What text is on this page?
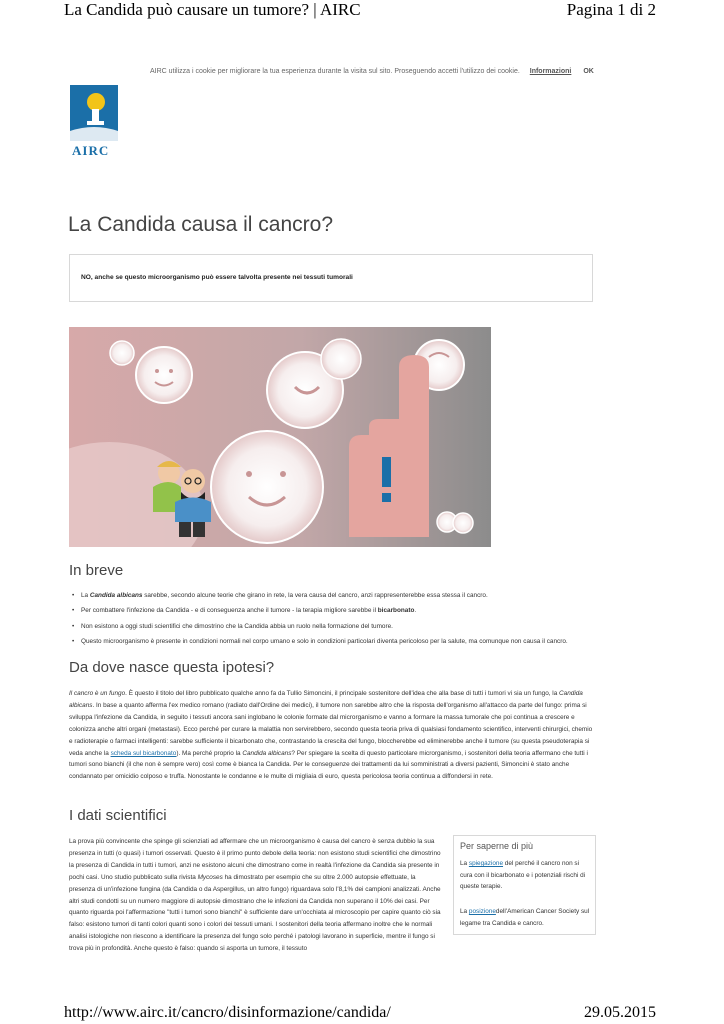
La Candida può causare un tumore? | AIRC	Pagina 1 di 2
AIRC utilizza i cookie per migliorare la tua esperienza durante la visita sul sito. Proseguendo accetti l'utilizzo dei cookie. Informazioni OK
AIRC
La Candida causa il cancro?
NO, anche se questo microorganismo può essere talvolta presente nei tessuti tumorali
In breve
• La Candida albicans sarebbe, secondo alcune teorie che girano in rete, la vera causa del cancro, anzi rappresenterebbe essa stessa il cancro.
• Per combattere l'infezione da Candida - e di conseguenza anche il tumore - la terapia migliore sarebbe il bicarbonato.
• Non esistono a oggi studi scientifici che dimostrino che la Candida abbia un ruolo nella formazione del tumore.
• Questo microorganismo è presente in condizioni normali nel corpo umano e solo in condizioni particolari diventa pericoloso per la salute, ma comunque non causa il cancro.
Da dove nasce questa ipotesi?

Il cancro è un fungo. È questo il titolo del libro pubblicato qualche anno fa da Tullio Simoncini, il principale sostenitore dell'idea che alla base di tutti i tumori vi sia un fungo, la Candida albicans. In base a quanto afferma l'ex medico romano (radiato dall'Ordine dei medici), il tumore non sarebbe altro che la risposta dell'organismo all'attacco da parte del fungo: prima si sviluppa l'infezione da Candida, in seguito i tessuti ancora sani inglobano le colonie formate dal microrganismo e vanno a formare la massa tumorale che poi continua a crescere e colonizza anche altri organi (metastasi). Ecco perché per curare la malattia non servirebbero, secondo questa teoria priva di qualsiasi fondamento scientifico, interventi chirurgici, chemio e radioterapie o farmaci intelligenti: sarebbe sufficiente il bicarbonato che, contrastando la crescita del fungo, bloccherebbe ed eliminerebbe anche il tumore (su questa pseudoterapia si veda anche la scheda sul bicarbonato). Ma perché proprio la Candida albicans? Per spiegare la scelta di questo particolare microrganismo, i sostenitori della teoria affermano che tutti i tumori sono bianchi (il che non è sempre vero) così come è bianca la Candida. Per le conseguenze dei trattamenti da lui somministrati a diversi pazienti, Simoncini è stato anche condannato per omicidio colposo e truffa. Nonostante le condanne e le multe di migliaia di euro, questa pericolosa teoria continua a diffondersi in rete.

I dati scientifici

La prova più convincente che spinge gli scienziati ad affermare che un microorganismo è causa del cancro è senza dubbio la sua presenza in tutti (o quasi) i tumori osservati. Questo è il primo punto debole della teoria: non esistono studi scientifici che dimostrino la presenza di Candida in tutti i tumori, anzi ne esistono alcuni che dimostrano come in realtà l'infezione da Candida sia presente in pochi casi. Uno studio pubblicato sulla rivista Mycoses ha dimostrato per esempio che su oltre 2.000 autopsie effettuate, la presenza di un'infezione fungina (da Candida o da Aspergillus, un altro fungo) riguardava solo l'8,1% dei campioni analizzati. Anche altri studi condotti su un numero maggiore di autopsie dimostrano che le infezioni da Candida non superano il 10% dei casi. Per quanto riguarda poi l'affermazione "tutti i tumori sono bianchi" è sufficiente dare un'occhiata al microscopio per capire quanto ciò sia falso: esistono tumori di tanti colori quanti sono i colori dei tessuti umani. I sostenitori della teoria affermano inoltre che le normali analisi istologiche non riescono a identificare la presenza del fungo solo perché i patologi lavorano in superficie, mentre il fungo si trova più in profondità. Anche questo è falso: quando si asporta un tumore, il tessuto

Per saperne di più

La spiegazione del perché il cancro non si cura con il bicarbonato e i potenziali rischi di queste terapie.

La posizionedell'American Cancer Society sul legame tra Candida e cancro.

http://www.airc.it/cancro/disinformazione/candida/	29.05.2015
